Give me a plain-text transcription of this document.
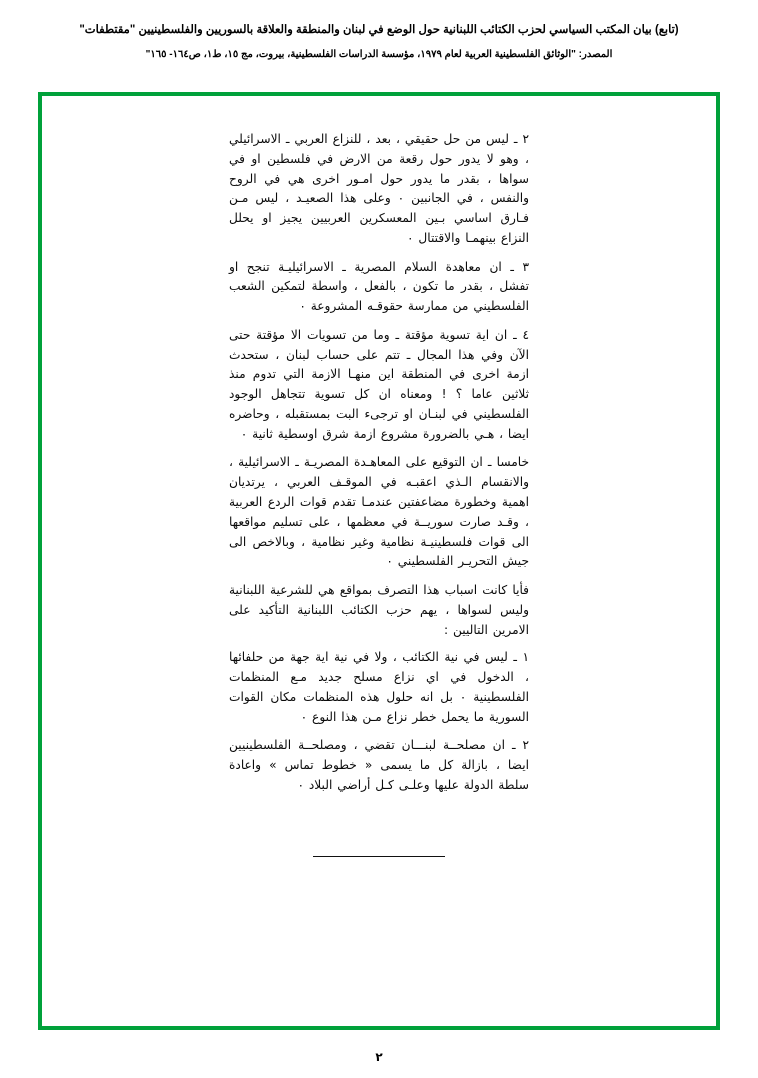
(تابع) بيان المكتب السياسي لحزب الكتائب اللبنانية حول الوضع في لبنان والمنطقة والعلاقة بالسوريين والفلسطينيين "مقتطفات"
المصدر: "الوثائق الفلسطينية العربية لعام ١٩٧٩، مؤسسة الدراسات الفلسطينية، بيروت، مج ١٥، ط١، ص١٦٤- ١٦٥"

٢ ـ ليس من حل حقيقي ، بعد ، للنزاع العربي ـ الاسرائيلي ، وهو لا يدور حول رقعة من الارض في فلسطين او في سواها ، بقدر ما يدور حول امـور اخرى هي في الروح والنفس ، في الجانبين ٠ وعلى هذا الصعيـد ، ليس مـن فـارق اساسي بـين المعسكرين العربيين يجيز او يحلل النزاع بينهمـا والاقتتال ٠

٣ ـ ان معاهدة السلام المصرية ـ الاسرائيليـة تنجح او تفشل ، بقدر ما تكون ، بالفعل ، واسطة لتمكين الشعب الفلسطيني من ممارسة حقوقـه المشروعة ٠

٤ ـ ان اية تسوية مؤقتة ـ وما من تسويات الا مؤقتة حتى الآن وفي هذا المجال ـ تتم على حساب لبنان ، ستحدث ازمة اخرى في المنطقة اين منهـا الازمة التي تدوم منذ ثلاثين عاما ؟ ! ومعناه ان كل تسوية تتجاهل الوجود الفلسطيني في لبنـان او ترجىء البت بمستقبله ، وحاضره ايضا ، هـي بالضرورة مشروع ازمة شرق اوسطية ثانية ٠

خامسا ـ ان التوقيع على المعاهـدة المصريـة ـ الاسرائيلية ، والانقسام الـذي اعقبـه في الموقـف العربي ، يرتديان اهمية وخطورة مضاعفتين عندمـا تقدم قوات الردع العربية ، وقـد صارت سوريــة في معظمها ، على تسليم مواقعها الى قوات فلسطينيـة نظامية وغير نظامية ، وبالاخص الى جيش التحريـر الفلسطيني ٠

فأيا كانت اسباب هذا التصرف بمواقع هي للشرعية اللبنانية وليس لسواها ، يهم حزب الكتائب اللبنانية التأكيد على الامرين التاليين :

١ ـ ليس في نية الكتائب ، ولا في نية اية جهة من حلفائها ، الدخول في اي نزاع مسلح جديد مـع المنظمات الفلسطينية ٠ بل انه حلول هذه المنظمات مكان القوات السورية ما يحمل خطر نزاع مـن هذا النوع ٠

٢ ـ ان مصلحــة لبنـــان تقضي ، ومصلحــة الفلسطينيين ايضا ، بازالة كل ما يسمى « خطوط تماس » واعادة سلطة الدولة عليها وعلـى كـل أراضي البلاد ٠

٢
